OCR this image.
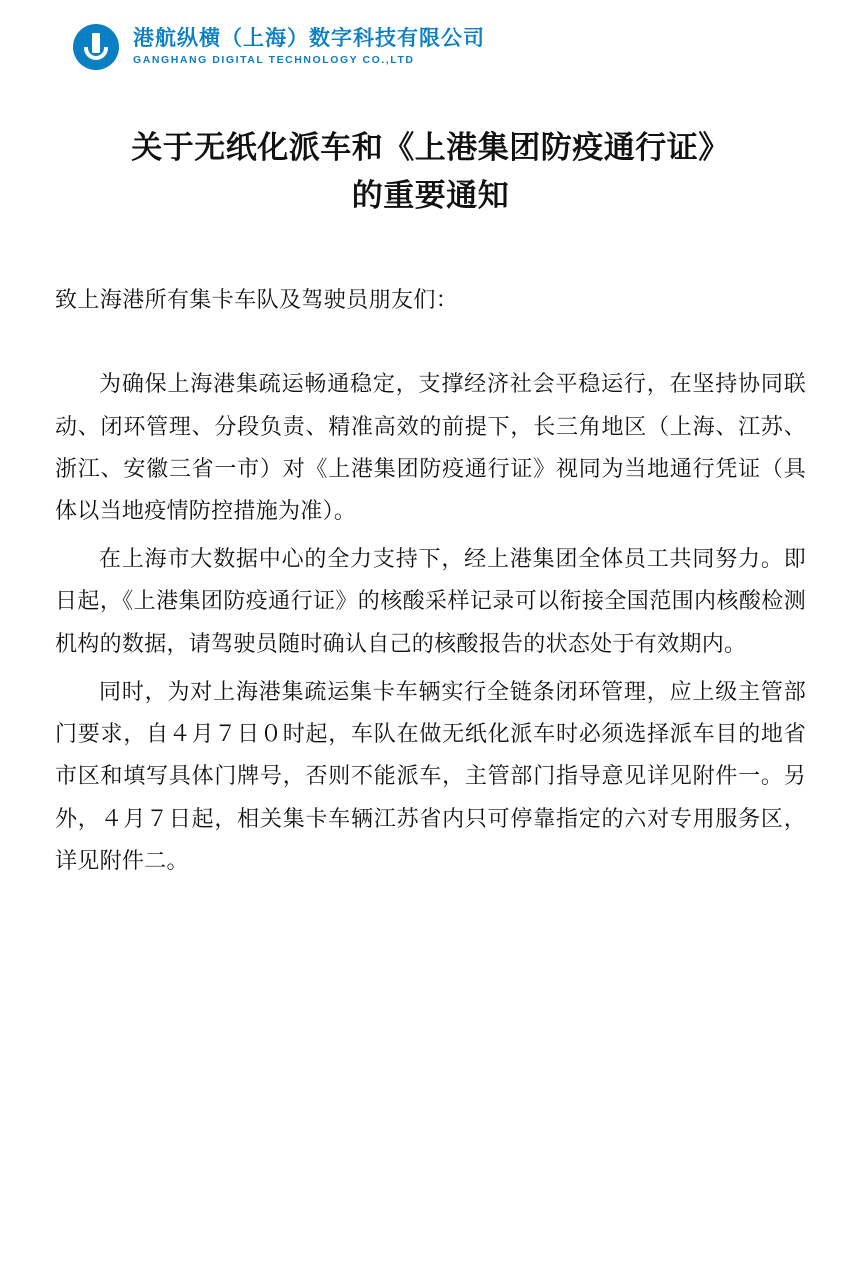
港航纵横（上海）数字科技有限公司
GANGHANG DIGITAL TECHNOLOGY CO.,LTD
关于无纸化派车和《上港集团防疫通行证》
的重要通知
致上海港所有集卡车队及驾驶员朋友们：

为确保上海港集疏运畅通稳定，支撑经济社会平稳运行，在坚持协同联动、闭环管理、分段负责、精准高效的前提下，长三角地区（上海、江苏、浙江、安徽三省一市）对《上港集团防疫通行证》视同为当地通行凭证（具体以当地疫情防控措施为准）。

在上海市大数据中心的全力支持下，经上港集团全体员工共同努力。即日起，《上港集团防疫通行证》的核酸采样记录可以衔接全国范围内核酸检测机构的数据，请驾驶员随时确认自己的核酸报告的状态处于有效期内。

同时，为对上海港集疏运集卡车辆实行全链条闭环管理，应上级主管部门要求，自４月７日０时起，车队在做无纸化派车时必须选择派车目的地省市区和填写具体门牌号，否则不能派车，主管部门指导意见详见附件一。另外，４月７日起，相关集卡车辆江苏省内只可停靠指定的六对专用服务区，详见附件二。
